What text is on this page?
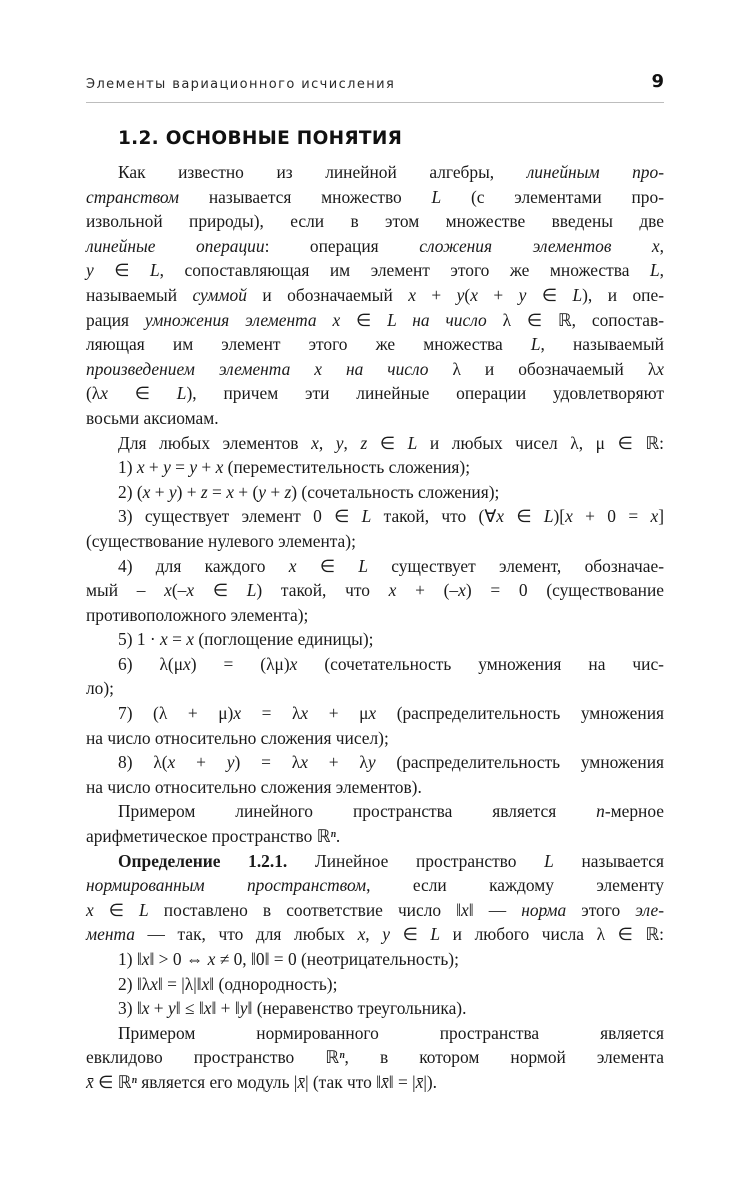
Элементы вариационного исчисления	9
1.2. ОСНОВНЫЕ ПОНЯТИЯ
Как известно из линейной алгебры, линейным про-
странством называется множество L (с элементами про-
извольной природы), если в этом множестве введены две
линейные операции: операция сложения элементов x,
y ∈ L, сопоставляющая им элемент этого же множества L,
называемый суммой и обозначаемый x + y(x + y ∈ L), и опе-
рация умножения элемента x ∈ L на число λ ∈ ℝ, сопостав-
ляющая им элемент этого же множества L, называемый
произведением элемента x на число λ и обозначаемый λx
(λx ∈ L), причем эти линейные операции удовлетворяют
восьми аксиомам.
Для любых элементов x, y, z ∈ L и любых чисел λ, μ ∈ ℝ:
1) x + y = y + x (переместительность сложения);
2) (x + y) + z = x + (y + z) (сочетальность сложения);
3) существует элемент 0 ∈ L такой, что (∀x ∈ L)[x + 0 = x]
(существование нулевого элемента);
4) для каждого x ∈ L существует элемент, обозначае-
мый – x(–x ∈ L) такой, что x + (–x) = 0 (существование
противоположного элемента);
5) 1 · x = x (поглощение единицы);
6) λ(μx) = (λμ)x (сочетательность умножения на чис-
ло);
7) (λ + μ)x = λx + μx (распределительность умножения
на число относительно сложения чисел);
8) λ(x + y) = λx + λy (распределительность умножения
на число относительно сложения элементов).
Примером линейного пространства является n-мерное
арифметическое пространство ℝⁿ.
Определение 1.2.1. Линейное пространство L называется
нормированным пространством, если каждому элементу
x ∈ L поставлено в соответствие число ‖x‖ — норма этого эле-
мента — так, что для любых x, y ∈ L и любого числа λ ∈ ℝ:
1) ‖x‖ > 0 ⇔ x ≠ 0, ‖0‖ = 0 (неотрицательность);
2) ‖λx‖ = |λ|‖x‖ (однородность);
3) ‖x + y‖ ≤ ‖x‖ + ‖y‖ (неравенство треугольника).
Примером нормированного пространства является
евклидово пространство ℝⁿ, в котором нормой элемента
x̄ ∈ ℝⁿ является его модуль |x̄| (так что ‖x̄‖ = |x̄|).
